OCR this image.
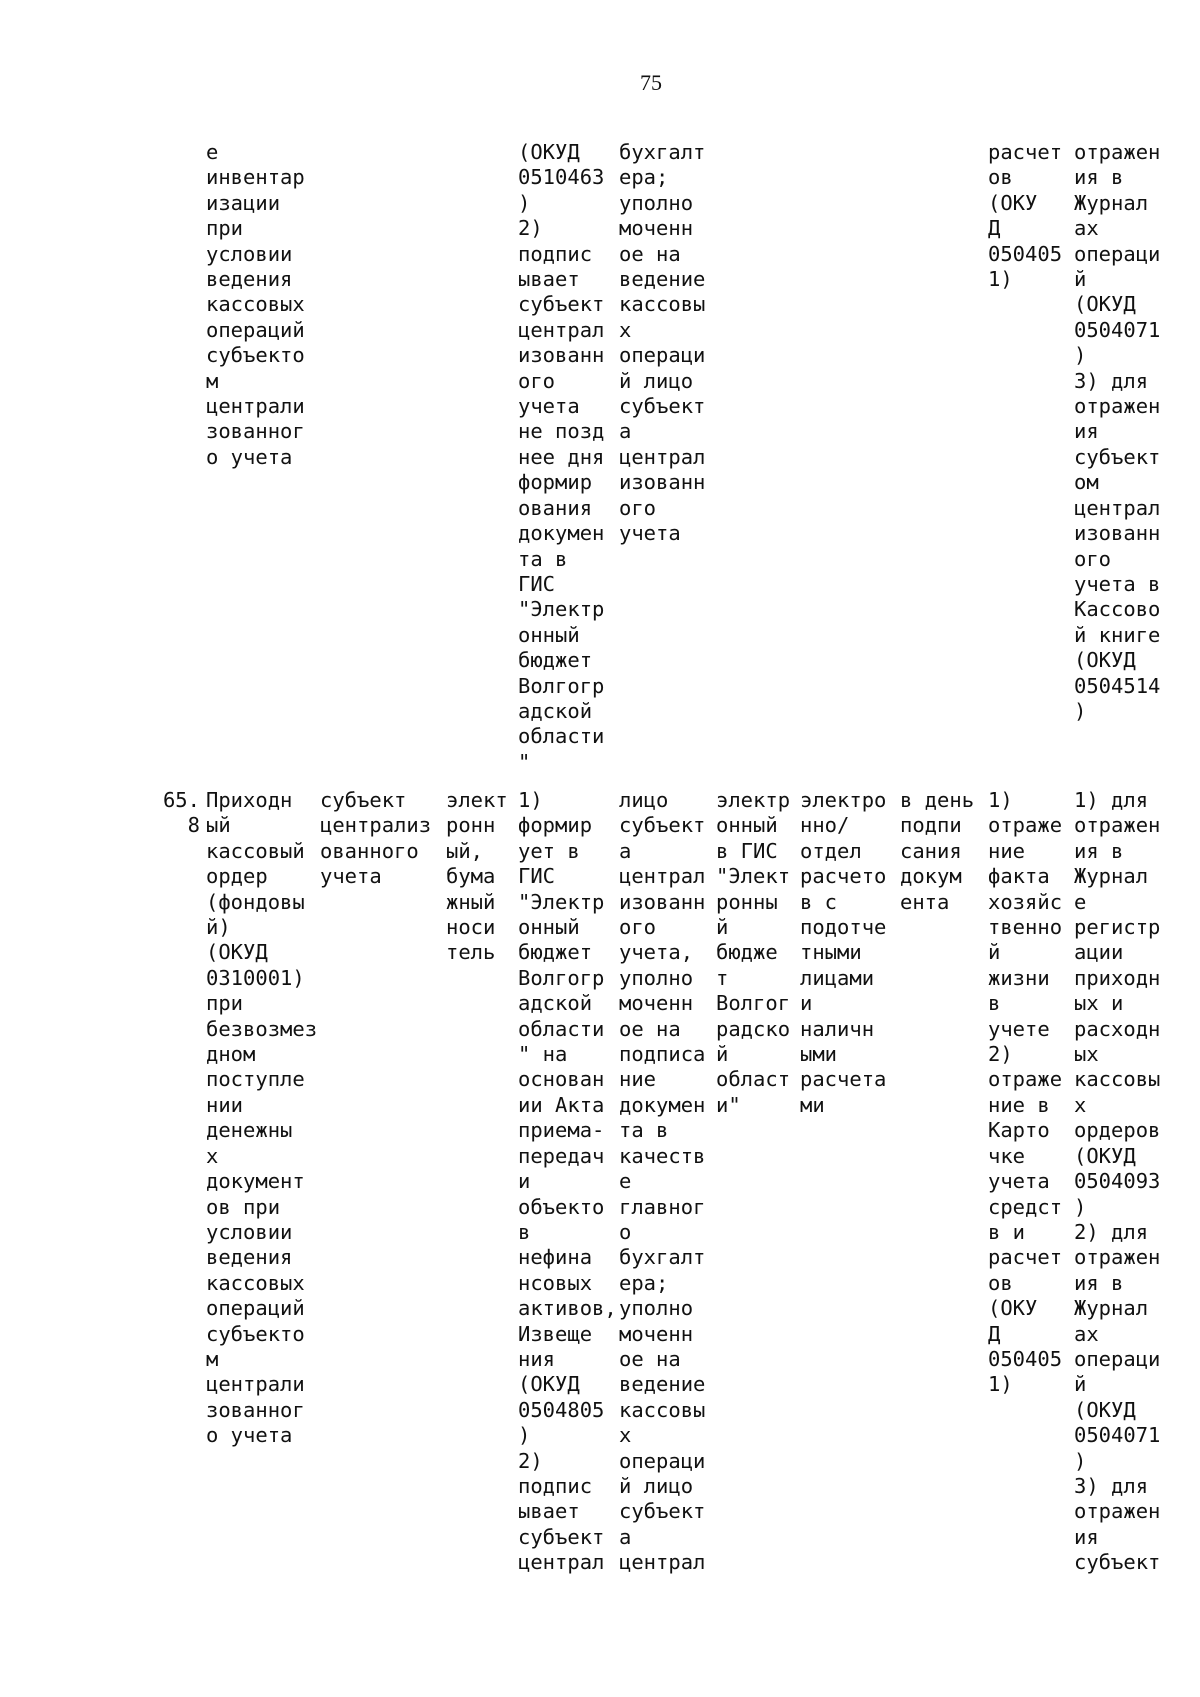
75
е
инвентар
изации
при
условии
ведения
кассовых
операций
субъекто
м
централи
зованног
о учета
(ОКУД
0510463
)
2)
подпис
ывает
субъект
централ
изованн
ого
учета
не позд
нее дня
формир
ования
докумен
та в
ГИС
"Электр
онный
бюджет
Волгогр
адской
области
"
бухгалт
ера;
уполно
моченн
ое на
ведение
кассовы
х
операци
й лицо
субъект
а
централ
изованн
ого
учета
расчет
ов
(ОКУ
Д
050405
1)
отражен
ия в
Журнал
ах
операци
й
(ОКУД
0504071
)
3) для
отражен
ия
субъект
ом
централ
изованн
ого
учета в
Кассово
й книге
(ОКУД
0504514
)
65.
8
Приходн
ый
кассовый
ордер
(фондовы
й)
(ОКУД
0310001)
при
безвозмез
дном
поступле
нии
денежны
х
документ
ов при
условии
ведения
кассовых
операций
субъекто
м
централи
зованног
о учета
субъект
централиз
ованного
учета
элект
ронн
ый,
бума
жный
носи
тель
1)
формир
ует в
ГИС
"Электр
онный
бюджет
Волгогр
адской
области
" на
основан
ии Акта
приема-
передач
и
объекто
в
нефина
нсовых
активов,
Извеще
ния
(ОКУД
0504805
)
2)
подпис
ывает
субъект
централ
лицо
субъект
а
централ
изованн
ого
учета,
уполно
моченн
ое на
подписа
ние
докумен
та в
качеств
е
главног
о
бухгалт
ера;
уполно
моченн
ое на
ведение
кассовы
х
операци
й лицо
субъект
а
централ
электр
онный
в ГИС
"Элект
ронны
й
бюдже
т
Волгог
радско
й
област
и"
электро
нно/
отдел
расчето
в с
подотче
тными
лицами
и
наличн
ыми
расчета
ми
в день
подпи
сания
докум
ента
1)
отраже
ние
факта
хозяйс
твенно
й
жизни
в
учете
2)
отраже
ние в
Карто
чке
учета
средст
в и
расчет
ов
(ОКУ
Д
050405
1)
1) для
отражен
ия в
Журнал
е
регистр
ации
приходн
ых и
расходн
ых
кассовы
х
ордеров
(ОКУД
0504093
)
2) для
отражен
ия в
Журнал
ах
операци
й
(ОКУД
0504071
)
3) для
отражен
ия
субъект
